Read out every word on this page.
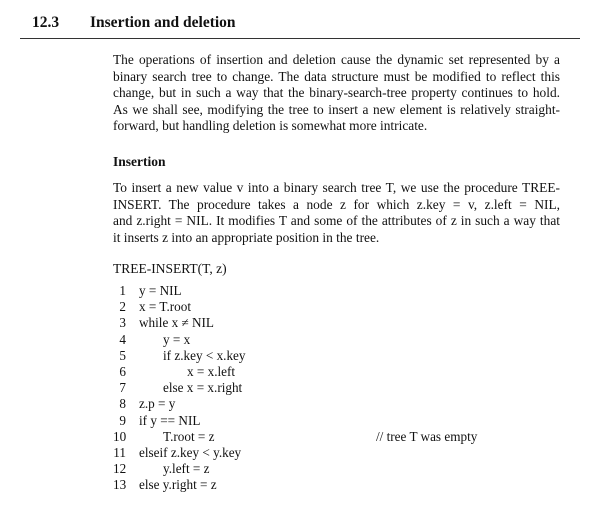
12.3 Insertion and deletion

The operations of insertion and deletion cause the dynamic set represented by a
binary search tree to change. The data structure must be modified to reflect this
change, but in such a way that the binary-search-tree property continues to hold.
As we shall see, modifying the tree to insert a new element is relatively straight-
forward, but handling deletion is somewhat more intricate.

Insertion

To insert a new value v into a binary search tree T, we use the procedure TREE-
INSERT. The procedure takes a node z for which z.key = v, z.left = NIL,
and z.right = NIL. It modifies T and some of the attributes of z in such a way that
it inserts z into an appropriate position in the tree.

TREE-INSERT(T, z)
1 y = NIL
2 x = T.root
3 while x ≠ NIL
4	y = x
5	if z.key < x.key
6	x = x.left
7	else x = x.right
8 z.p = y
9 if y == NIL
10	T.root = z	// tree T was empty
11 elseif z.key < y.key
12	y.left = z
13 else y.right = z
